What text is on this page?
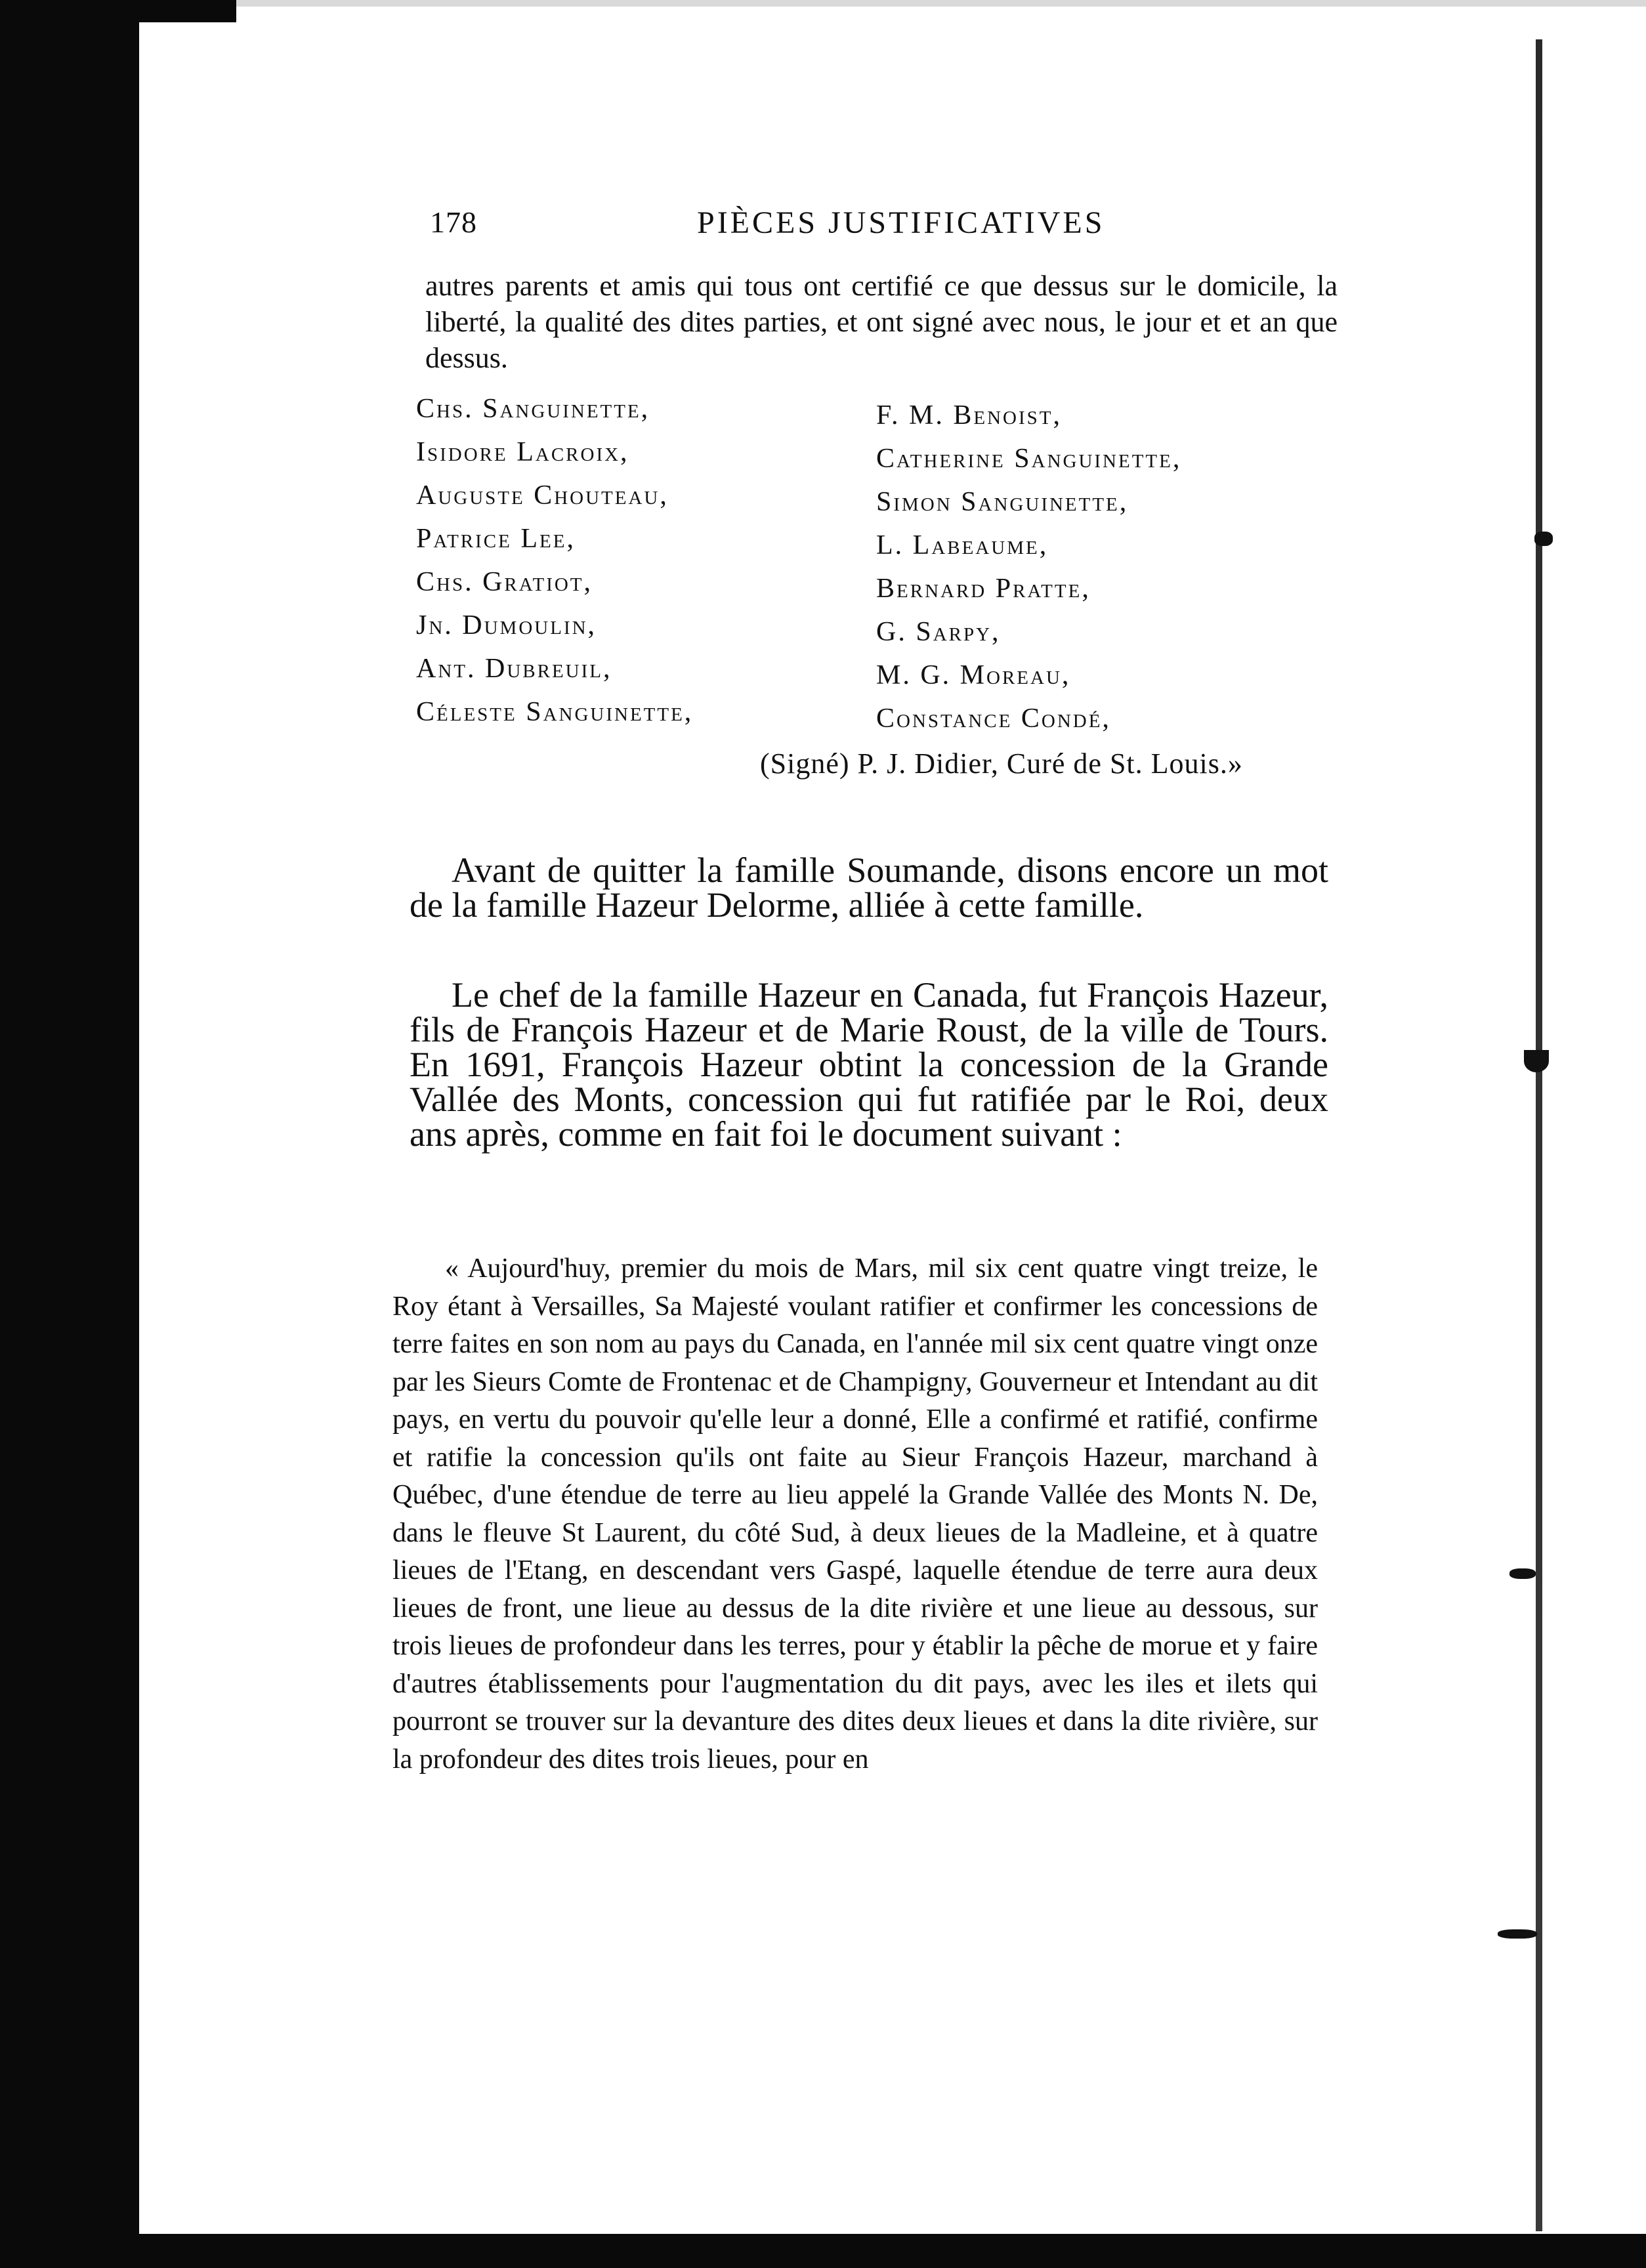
178	PIÈCES JUSTIFICATIVES

autres parents et amis qui tous ont certifié ce que dessus sur le domicile, la liberté, la qualité des dites parties, et ont signé avec nous, le jour et et an que dessus.

Chs. Sanguinette,
Isidore Lacroix,
Auguste Chouteau,
Patrice Lee,
Chs. Gratiot,
Jn. Dumoulin,
Ant. Dubreuil,
Céleste Sanguinette,
F. M. Benoist,
Catherine Sanguinette,
Simon Sanguinette,
L. Labeaume,
Bernard Pratte,
G. Sarpy,
M. G. Moreau,
Constance Condé,
(Signé) P. J. Didier, Curé de St. Louis.»

Avant de quitter la famille Soumande, disons encore un mot de la famille Hazeur Delorme, alliée à cette famille.

Le chef de la famille Hazeur en Canada, fut François Hazeur, fils de François Hazeur et de Marie Roust, de la ville de Tours. En 1691, François Hazeur obtint la concession de la Grande Vallée des Monts, concession qui fut ratifiée par le Roi, deux ans après, comme en fait foi le document suivant :

« Aujourd'huy, premier du mois de Mars, mil six cent quatre vingt treize, le Roy étant à Versailles, Sa Majesté voulant ratifier et confirmer les concessions de terre faites en son nom au pays du Canada, en l'année mil six cent quatre vingt onze par les Sieurs Comte de Frontenac et de Champigny, Gouverneur et Intendant au dit pays, en vertu du pouvoir qu'elle leur a donné, Elle a confirmé et ratifié, confirme et ratifie la concession qu'ils ont faite au Sieur François Hazeur, marchand à Québec, d'une étendue de terre au lieu appelé la Grande Vallée des Monts N. De, dans le fleuve St Laurent, du côté Sud, à deux lieues de la Madleine, et à quatre lieues de l'Etang, en descendant vers Gaspé, laquelle étendue de terre aura deux lieues de front, une lieue au dessus de la dite rivière et une lieue au dessous, sur trois lieues de profondeur dans les terres, pour y établir la pêche de morue et y faire d'autres établissements pour l'augmentation du dit pays, avec les iles et ilets qui pourront se trouver sur la devanture des dites deux lieues et dans la dite rivière, sur la profondeur des dites trois lieues, pour en
